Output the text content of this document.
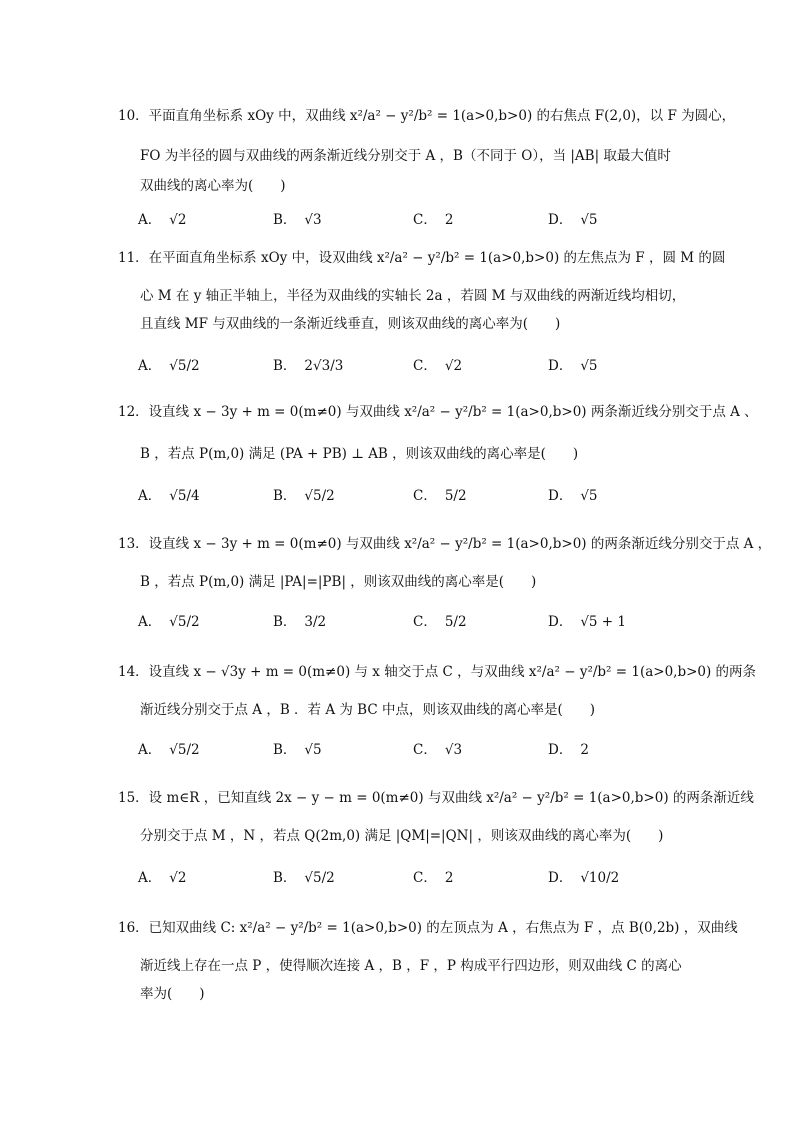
10．平面直角坐标系 xOy 中，双曲线 x²/a² − y²/b² = 1(a>0,b>0) 的右焦点 F(2,0)，以 F 为圆心，
FO 为半径的圆与双曲线的两条渐近线分别交于 A ，B（不同于 O），当 |AB| 取最大值时
双曲线的离心率为(　　)
A． √2	B． √3	C． 2	D． √5
11．在平面直角坐标系 xOy 中，设双曲线 x²/a² − y²/b² = 1(a>0,b>0) 的左焦点为 F ，圆 M 的圆
心 M 在 y 轴正半轴上，半径为双曲线的实轴长 2a ，若圆 M 与双曲线的两渐近线均相切，
且直线 MF 与双曲线的一条渐近线垂直，则该双曲线的离心率为(　　)
A． √5/2	B． 2√3/3	C． √2	D． √5
12．设直线 x − 3y + m = 0(m≠0) 与双曲线 x²/a² − y²/b² = 1(a>0,b>0) 两条渐近线分别交于点 A 、
B ，若点 P(m,0) 满足 (PA + PB) ⊥ AB ，则该双曲线的离心率是(　　)
A． √5/4	B． √5/2	C． 5/2	D． √5
13．设直线 x − 3y + m = 0(m≠0) 与双曲线 x²/a² − y²/b² = 1(a>0,b>0) 的两条渐近线分别交于点 A ，
B ，若点 P(m,0) 满足 |PA|=|PB| ，则该双曲线的离心率是(　　)
A． √5/2	B． 3/2	C． 5/2	D． √5 + 1
14．设直线 x − √3y + m = 0(m≠0) 与 x 轴交于点 C ，与双曲线 x²/a² − y²/b² = 1(a>0,b>0) 的两条
渐近线分别交于点 A ，B ．若 A 为 BC 中点，则该双曲线的离心率是(　　)
A． √5/2	B． √5	C． √3	D． 2
15．设 m∈R ，已知直线 2x − y − m = 0(m≠0) 与双曲线 x²/a² − y²/b² = 1(a>0,b>0) 的两条渐近线
分别交于点 M ，N ，若点 Q(2m,0) 满足 |QM|=|QN| ，则该双曲线的离心率为(　　)
A． √2	B． √5/2	C． 2	D． √10/2
16．已知双曲线 C: x²/a² − y²/b² = 1(a>0,b>0) 的左顶点为 A ，右焦点为 F ，点 B(0,2b) ，双曲线
渐近线上存在一点 P ，使得顺次连接 A ，B ，F ，P 构成平行四边形，则双曲线 C 的离心
率为(　　)
